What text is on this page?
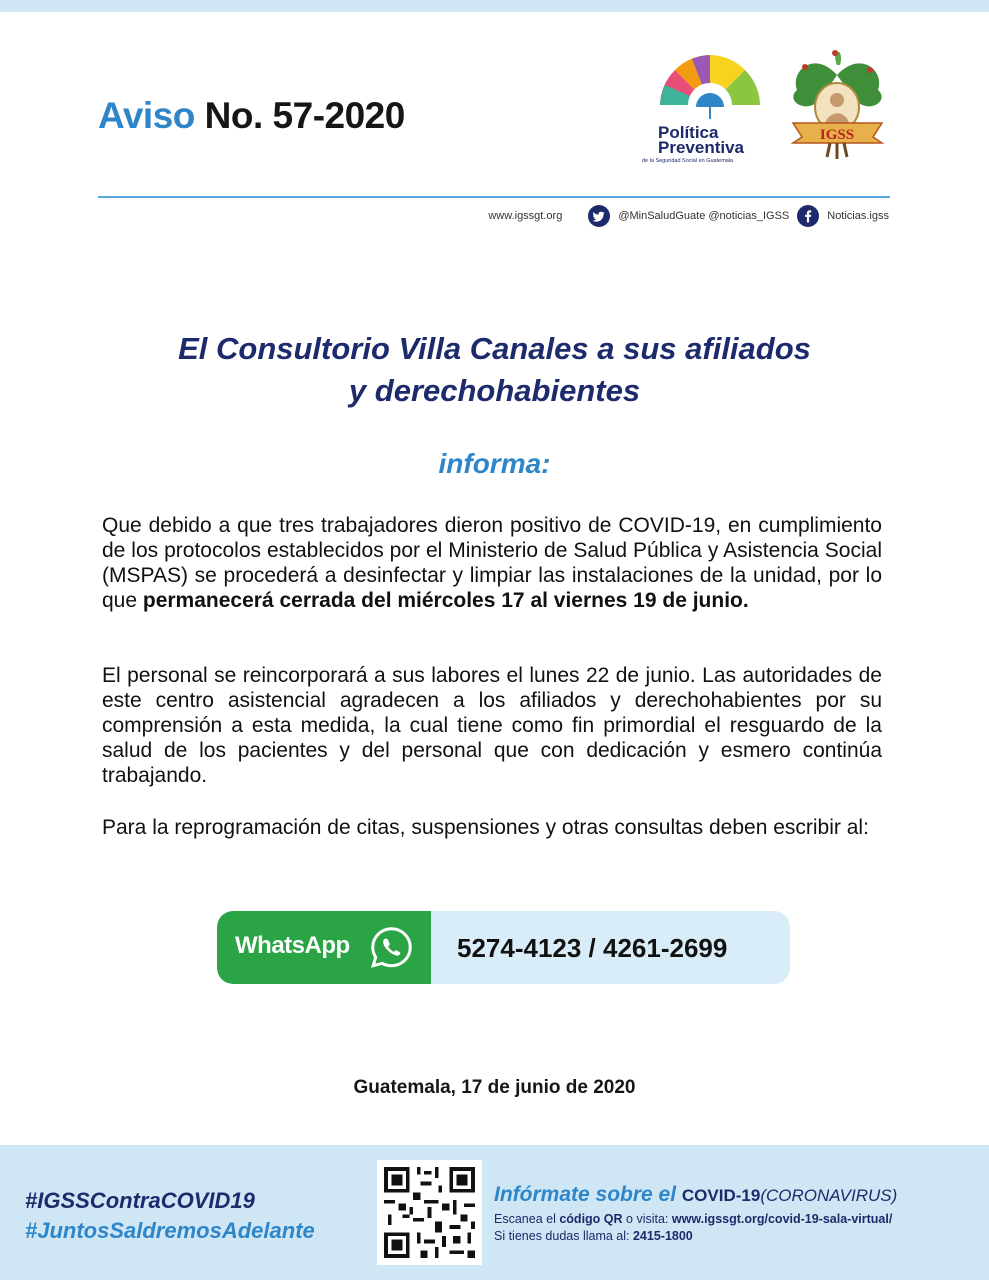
Aviso No. 57-2020	Política
Preventiva
de la Seguridad Social en Guatemala
IGSS
www.igssgt.org	@MinSaludGuate @noticias_IGSS	Noticias.igss
El Consultorio Villa Canales a sus afiliados
y derechohabientes
informa:
Que debido a que tres trabajadores dieron positivo de COVID-19, en cumplimiento de los protocolos establecidos por el Ministerio de Salud Pública y Asistencia Social (MSPAS) se procederá a desinfectar y limpiar las instalaciones de la unidad, por lo que permanecerá cerrada del miércoles 17 al viernes 19 de junio.
El personal se reincorporará a sus labores el lunes 22 de junio. Las autoridades de este centro asistencial agradecen a los afiliados y derechohabientes por su comprensión a esta medida, la cual tiene como fin primordial el resguardo de la salud de los pacientes y del personal que con dedicación y esmero continúa trabajando.
Para la reprogramación de citas, suspensiones y otras consultas deben escribir al:
WhatsApp	5274-4123 / 4261-2699
Guatemala, 17 de junio de 2020
#IGSSContraCOVID19
#JuntosSaldremosAdelante
Infórmate sobre el COVID-19(CORONAVIRUS)
Escanea el código QR o visita: www.igssgt.org/covid-19-sala-virtual/
Si tienes dudas llama al: 2415-1800
